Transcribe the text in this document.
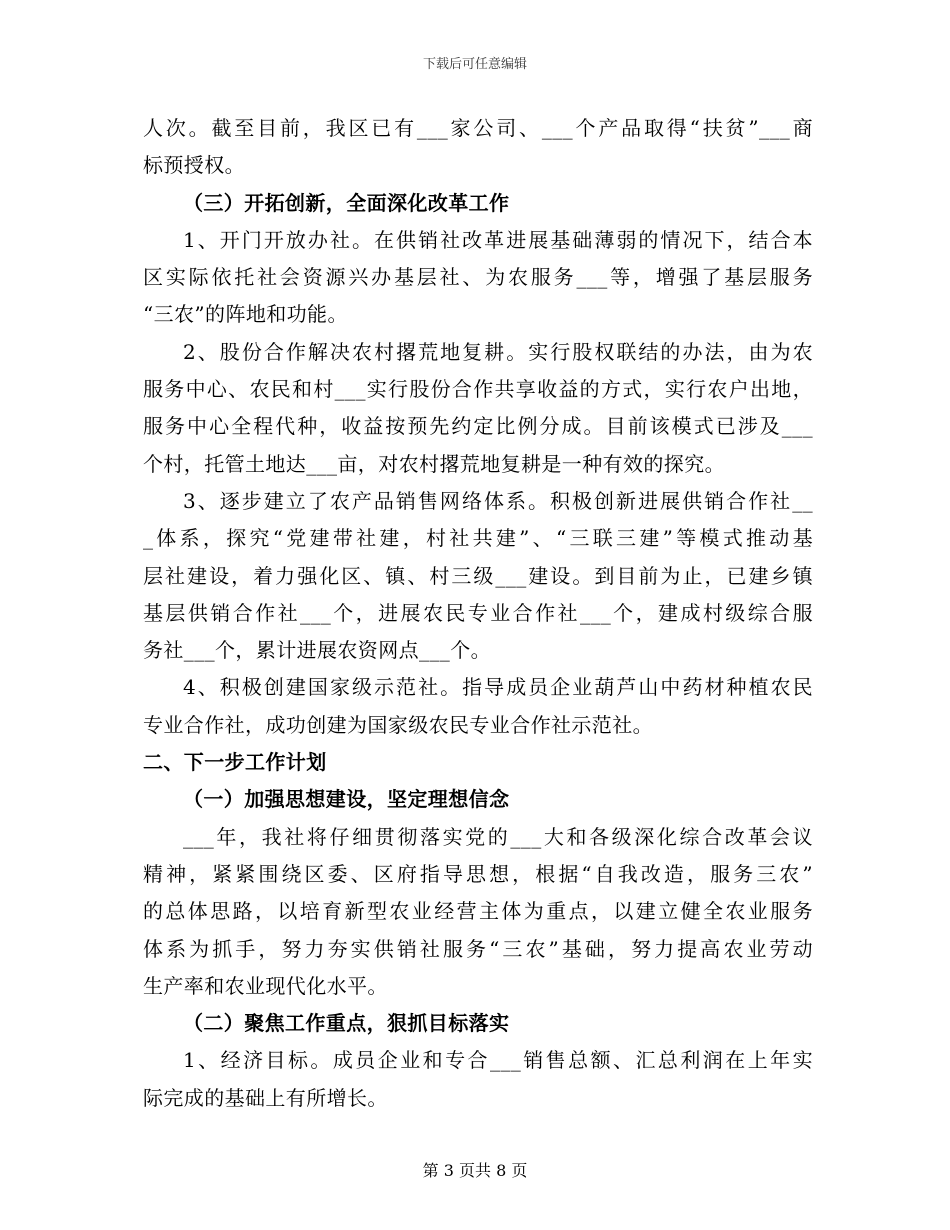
下载后可任意编辑
人次。截至目前，我区已有___家公司、___个产品取得“扶贫”___商
标预授权。
（三）开拓创新，全面深化改革工作
1、开门开放办社。在供销社改革进展基础薄弱的情况下，结合本
区实际依托社会资源兴办基层社、为农服务___等，增强了基层服务
“三农”的阵地和功能。
2、股份合作解决农村撂荒地复耕。实行股权联结的办法，由为农
服务中心、农民和村___实行股份合作共享收益的方式，实行农户出地，
服务中心全程代种，收益按预先约定比例分成。目前该模式已涉及___
个村，托管土地达___亩，对农村撂荒地复耕是一种有效的探究。
3、逐步建立了农产品销售网络体系。积极创新进展供销合作社__
_体系，探究“党建带社建，村社共建”、“三联三建”等模式推动基
层社建设，着力强化区、镇、村三级___建设。到目前为止，已建乡镇
基层供销合作社___个，进展农民专业合作社___个，建成村级综合服
务社___个，累计进展农资网点___个。
4、积极创建国家级示范社。指导成员企业葫芦山中药材种植农民
专业合作社，成功创建为国家级农民专业合作社示范社。
二、下一步工作计划
（一）加强思想建设，坚定理想信念
___年，我社将仔细贯彻落实党的___大和各级深化综合改革会议
精神，紧紧围绕区委、区府指导思想，根据“自我改造，服务三农”
的总体思路，以培育新型农业经营主体为重点，以建立健全农业服务
体系为抓手，努力夯实供销社服务“三农”基础，努力提高农业劳动
生产率和农业现代化水平。
（二）聚焦工作重点，狠抓目标落实
1、经济目标。成员企业和专合___销售总额、汇总利润在上年实
际完成的基础上有所增长。
第 3 页共 8 页
